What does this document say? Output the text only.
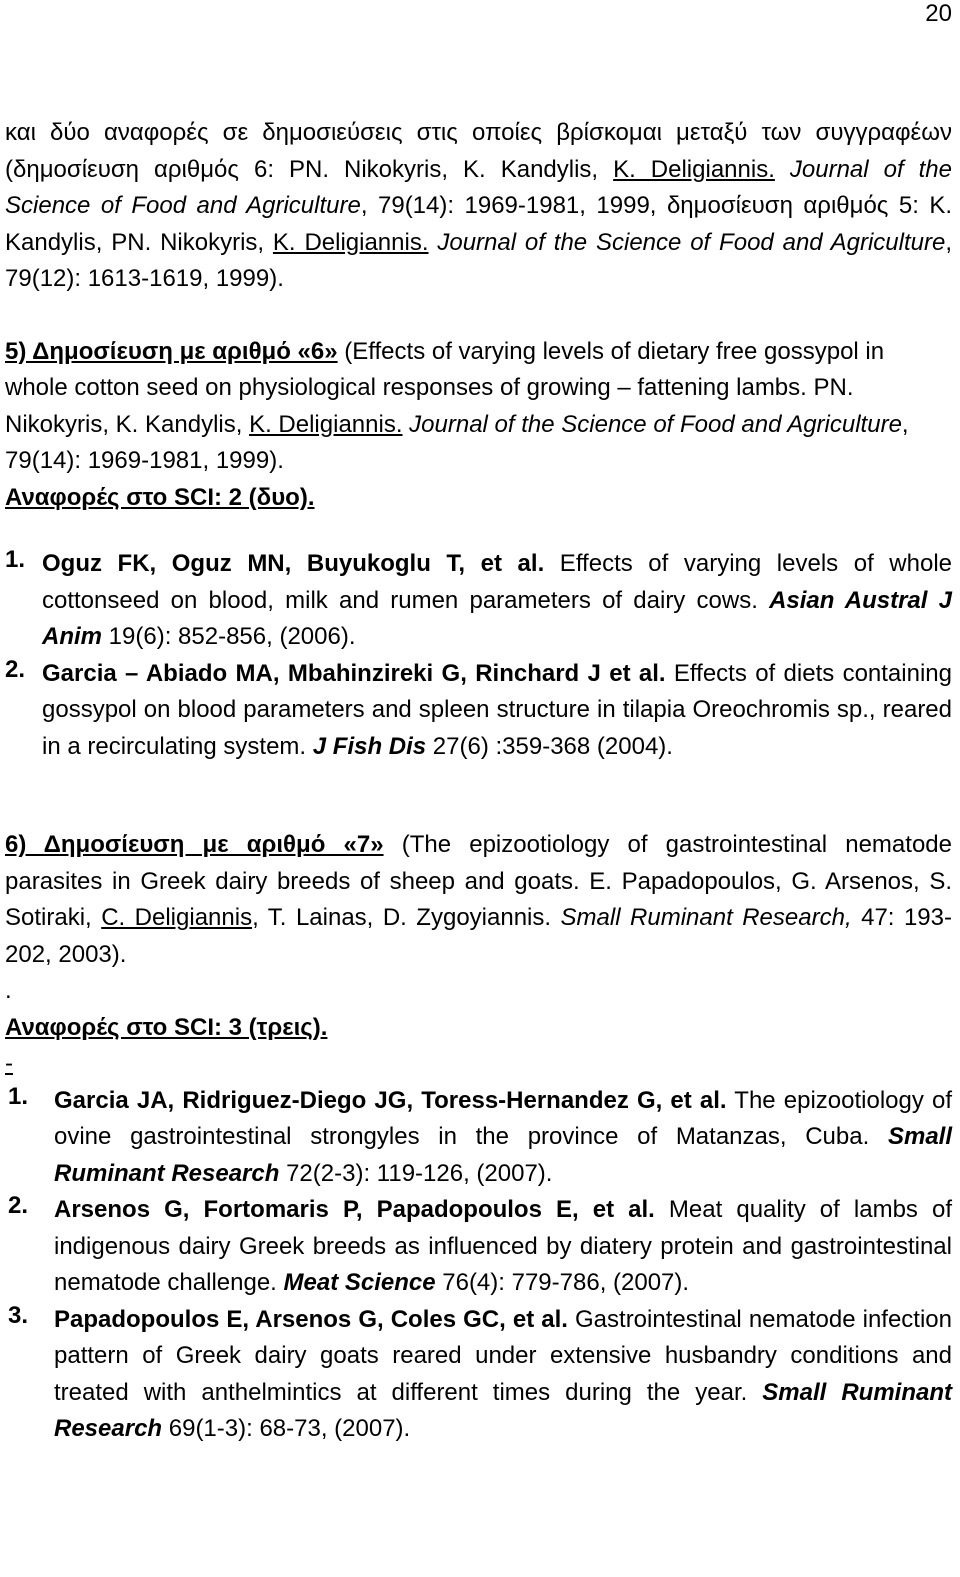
20

και δύο αναφορές σε δημοσιεύσεις στις οποίες βρίσκομαι μεταξύ των συγγραφέων (δημοσίευση αριθμός 6: PN. Nikokyris, K. Kandylis, K. Deligiannis. Journal of the Science of Food and Agriculture, 79(14): 1969-1981, 1999, δημοσίευση αριθμός 5: K. Kandylis, PN. Nikokyris, K. Deligiannis. Journal of the Science of Food and Agriculture, 79(12): 1613-1619, 1999).

5) Δημοσίευση με αριθμό «6» (Effects of varying levels of dietary free gossypol in whole cotton seed on physiological responses of growing – fattening lambs. PN. Nikokyris, K. Kandylis, K. Deligiannis. Journal of the Science of Food and Agriculture, 79(14): 1969-1981, 1999).

Αναφορές στο SCI: 2 (δυο).

1. Oguz FK, Oguz MN, Buyukoglu T, et al. Effects of varying levels of whole cottonseed on blood, milk and rumen parameters of dairy cows. Asian Austral J Anim 19(6): 852-856, (2006).
2. Garcia – Abiado MA, Mbahinzireki G, Rinchard J et al. Effects of diets containing gossypol on blood parameters and spleen structure in tilapia Oreochromis sp., reared in a recirculating system. J Fish Dis 27(6) :359-368 (2004).

6) Δημοσίευση με αριθμό «7» (The epizootiology of gastrointestinal nematode parasites in Greek dairy breeds of sheep and goats. E. Papadopoulos, G. Arsenos, S. Sotiraki, C. Deligiannis, T. Lainas, D. Zygoyiannis. Small Ruminant Research, 47: 193-202, 2003).

.

Αναφορές στο SCI: 3 (τρεις).

-

1.	Garcia JA, Ridriguez-Diego JG, Toress-Hernandez G, et al. The epizootiology of ovine gastrointestinal strongyles in the province of Matanzas, Cuba. Small Ruminant Research 72(2-3): 119-126, (2007).
2.	Arsenos G, Fortomaris P, Papadopoulos E, et al. Meat quality of lambs of indigenous dairy Greek breeds as influenced by diatery protein and gastrointestinal nematode challenge. Meat Science 76(4): 779-786, (2007).
3.	Papadopoulos E, Arsenos G, Coles GC, et al. Gastrointestinal nematode infection pattern of Greek dairy goats reared under extensive husbandry conditions and treated with anthelmintics at different times during the year. Small Ruminant Research 69(1-3): 68-73, (2007).
